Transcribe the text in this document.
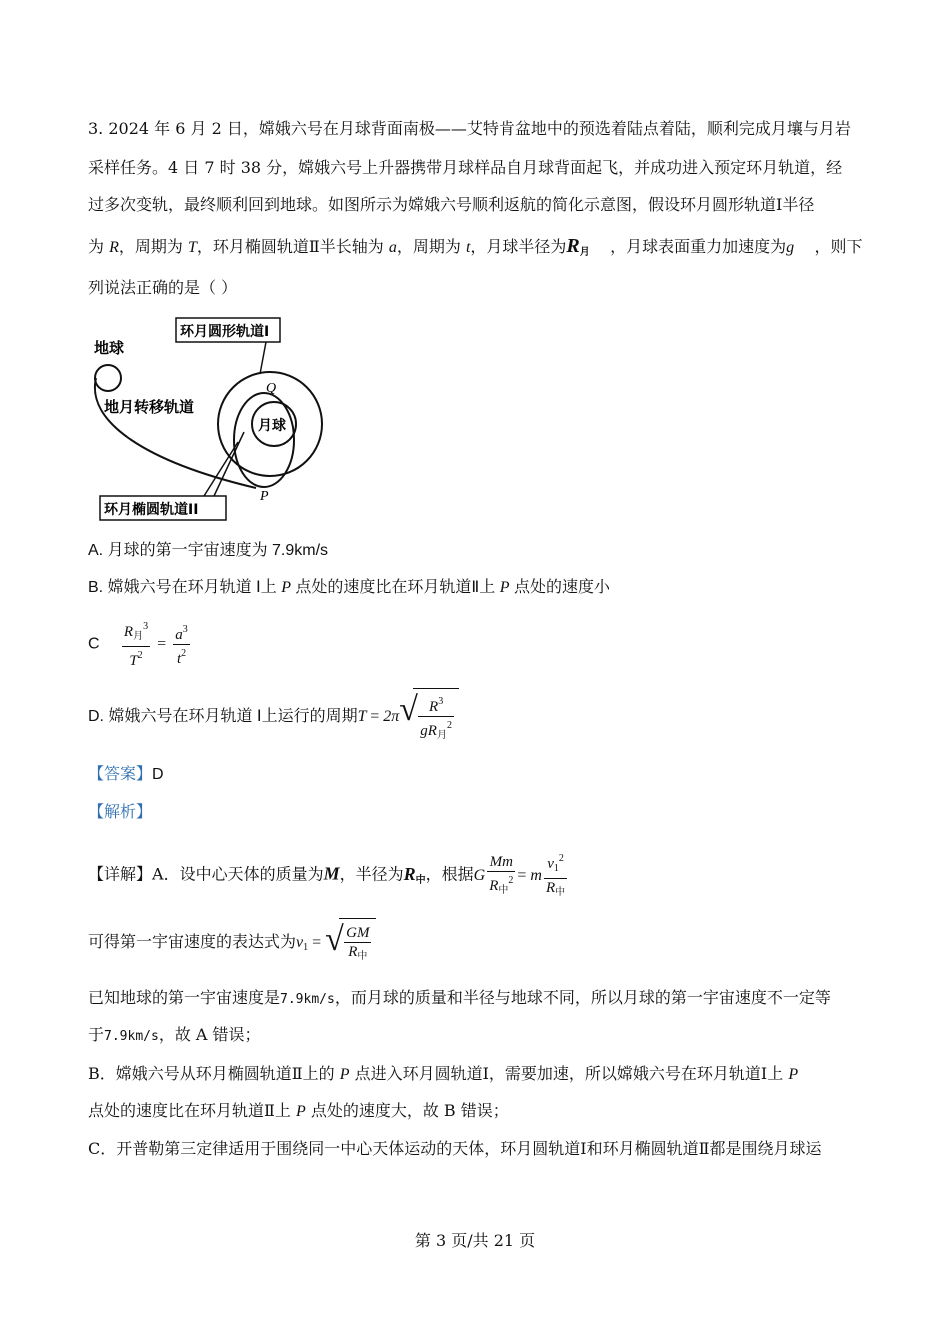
3. 2024 年 6 月 2 日，嫦娥六号在月球背面南极——艾特肯盆地中的预选着陆点着陆，顺利完成月壤与月岩
采样任务。4 日 7 时 38 分，嫦娥六号上升器携带月球样品自月球背面起飞，并成功进入预定环月轨道，经
过多次变轨，最终顺利回到地球。如图所示为嫦娥六号顺利返航的简化示意图，假设环月圆形轨道Ⅰ半径
为 R，周期为 T，环月椭圆轨道Ⅱ半长轴为 a，周期为 t，月球半径为$R_月$ ，月球表面重力加速度为g ，则下
列说法正确的是（ ）
地球
地月转移轨道
月球
Q
P
环月圆形轨道I
环月椭圆轨道II
A. 月球的第一宇宙速度为 7.9km/s
B. 嫦娥六号在环月轨道 Ⅰ上 P 点处的速度比在环月轨道Ⅱ上 P 点处的速度小
C $\frac{R_月^3}{T^2} = \frac{a^3}{t^2}$
D. 嫦娥六号在环月轨道 Ⅰ上运行的周期T = 2π √ $\frac{R^3}{gR_月^2}$
【答案】D
【解析】
【详解】A．设中心天体的质量为M，半径为$R_中$，根据G $\frac{Mm}{R_中^2} = m \frac{v_1^2}{R_中}$
可得第一宇宙速度的表达式为$v_1$ = √ $\frac{GM}{R_中}$
已知地球的第一宇宙速度是7.9km/s，而月球的质量和半径与地球不同，所以月球的第一宇宙速度不一定等
于7.9km/s，故 A 错误；
B．嫦娥六号从环月椭圆轨道Ⅱ上的 P 点进入环月圆轨道Ⅰ，需要加速，所以嫦娥六号在环月轨道Ⅰ上 P
点处的速度比在环月轨道Ⅱ上 P 点处的速度大，故 B 错误；
C．开普勒第三定律适用于围绕同一中心天体运动的天体，环月圆轨道Ⅰ和环月椭圆轨道Ⅱ都是围绕月球运
第 3 页/共 21 页
